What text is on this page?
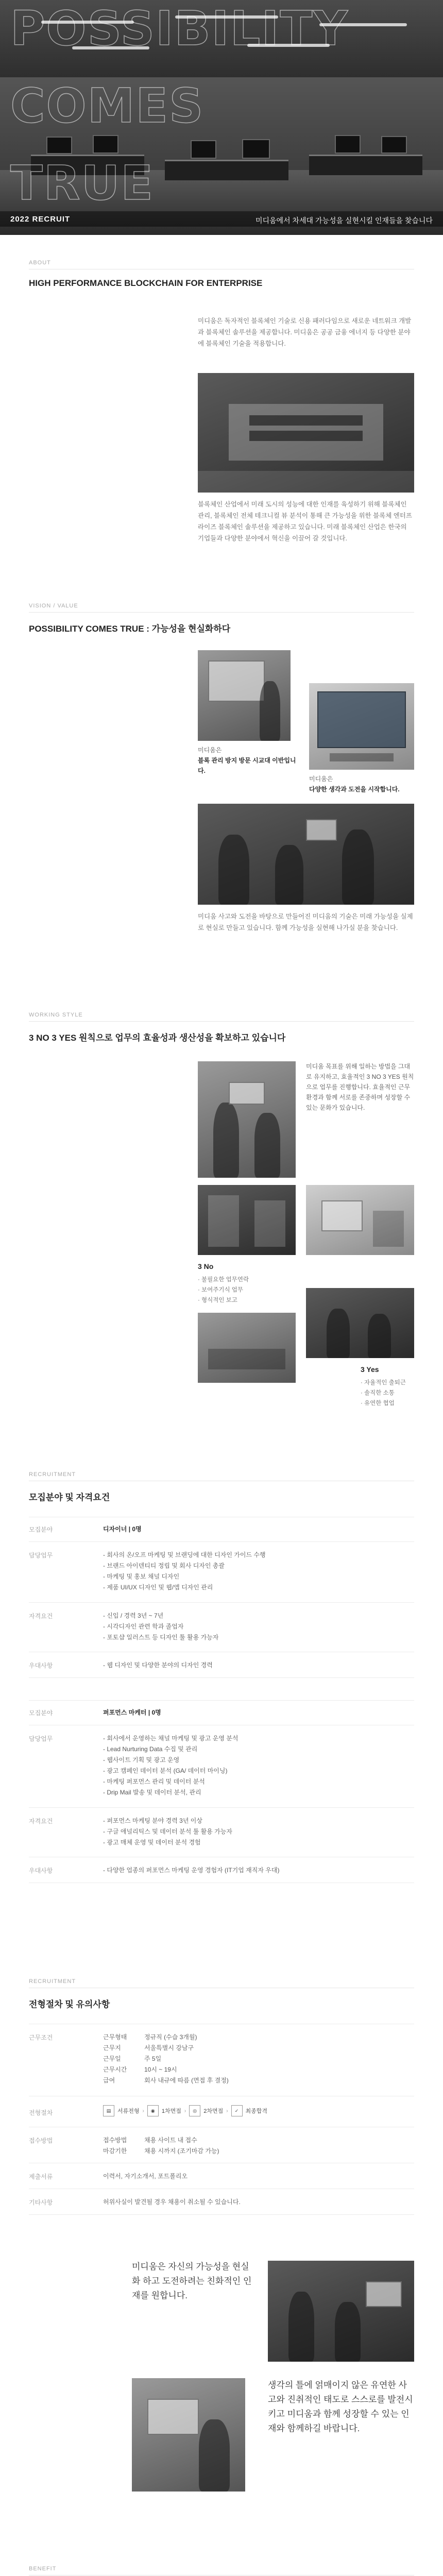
POSSIBILITY
COMES
TRUE
2022 RECRUIT	미디움에서 차세대 가능성을 실현시킬 인재들을 찾습니다
ABOUT
HIGH PERFORMANCE BLOCKCHAIN FOR ENTERPRISE
미디움은 독자적인 블록체인 기술로 신용 패러다임으로 새로운 네트워크 개발과 블록체인 솔루션을 제공합니다. 미디움은 공공 금융 에너지 등 다양한 분야에 블록체인 기술을 적용합니다.
블록체인 산업에서 미래 도시의 성능에 대한 인재를 육성하기 위해 블록체인 관리, 블록체인 전체 테크니컬 뷰 분석이 통해 큰 가능성을 위한 블록체 엔터프라이즈 블록체인 솔루션을 제공하고 있습니다. 미래 블록체인 산업은 한국의 기업들과 다양한 분야에서 혁신을 이끌어 갈 것입니다.
VISION / VALUE
POSSIBILITY COMES TRUE : 가능성을 현실화하다
미디움은
블록 관리 방지 방문 시교대 이반입니다.
미디움은
다양한 생각과 도전을 시작합니다.
미디움 사고와 도전을 바탕으로 만들어진 미디움의 기술은 미래 가능성을 실제로 현실로 만들고 있습니다. 함께 가능성을 실현해 나가실 분을 찾습니다.
WORKING STYLE
3 NO 3 YES 원칙으로 업무의 효율성과 생산성을 확보하고 있습니다
미디움 목표를 위해 일하는 방법을 그대로 유지하고, 효율적인 3 NO 3 YES 원칙으로 업무를 진행합니다. 효율적인 근무 환경과 함께 서로를 존중하며 성장할 수 있는 문화가 있습니다.
3 No
· 불필요한 업무연락
· 보여주기식 업무
· 형식적인 보고
3 Yes
· 자율적인 출퇴근
· 솔직한 소통
· 유연한 협업
RECRUITMENT
모집분야 및 자격요건
모집분야	디자이너 | 0명
담당업무	- 회사의 온/오프 마케팅 및 브랜딩에 대한 디자인 가이드 수행
- 브랜드 아이덴티티 정립 및 회사 디자인 총괄
- 마케팅 및 홍보 채널 디자인
- 제품 UI/UX 디자인 및 웹/앱 디자인 관리
자격요건	- 신입 / 경력 3년 ~ 7년
- 시각디자인 관련 학과 졸업자
- 포토샵 일러스트 등 디자인 툴 활용 가능자
우대사항	- 웹 디자인 및 다양한 분야의 디자인 경력
모집분야	퍼포먼스 마케터 | 0명
담당업무	- 회사에서 운영하는 채널 마케팅 및 광고 운영 분석
- Lead Nurturing Data 수집 및 관리
- 웹사이트 기획 및 광고 운영
- 광고 캠페인 데이터 분석 (GA/ 데이터 마이닝)
- 마케팅 퍼포먼스 관리 및 데이터 분석
- Drip Mail 발송 및 데이터 분석, 관리
자격요건	- 퍼포먼스 마케팅 분야 경력 3년 이상
- 구글 애널리틱스 및 데이터 분석 툴 활용 가능자
- 광고 매체 운영 및 데이터 분석 경험
우대사항	- 다양한 업종의 퍼포먼스 마케팅 운영 경험자 (IT기업 재직자 우대)
RECRUITMENT
전형절차 및 유의사항
근무조건	근무형태	정규직 (수습 3개월)
근무지	서울특별시 강남구
근무일	주 5일
근무시간	10시 ~ 19시
급여	회사 내규에 따름 (면접 후 결정)
전형절차	▤	서류전형 ›	◉	1차면접 ›	◎	2차면접 ›	✓	최종합격
접수방법	접수방법	채용 사이트 내 접수
마감기한	채용 시까지 (조기마감 가능)
제출서류	이력서, 자기소개서, 포트폴리오
기타사항	허위사실이 발견될 경우 채용이 취소될 수 있습니다.
미디움은 자신의 가능성을 현실화 하고 도전하려는 친화적인 인재를 원합니다.
생각의 틀에 얽매이지 않은 유연한 사고와 진취적인 태도로 스스로를 발전시키고 미디움과 함께 성장할 수 있는 인재와 함께하길 바랍니다.
BENEFIT
